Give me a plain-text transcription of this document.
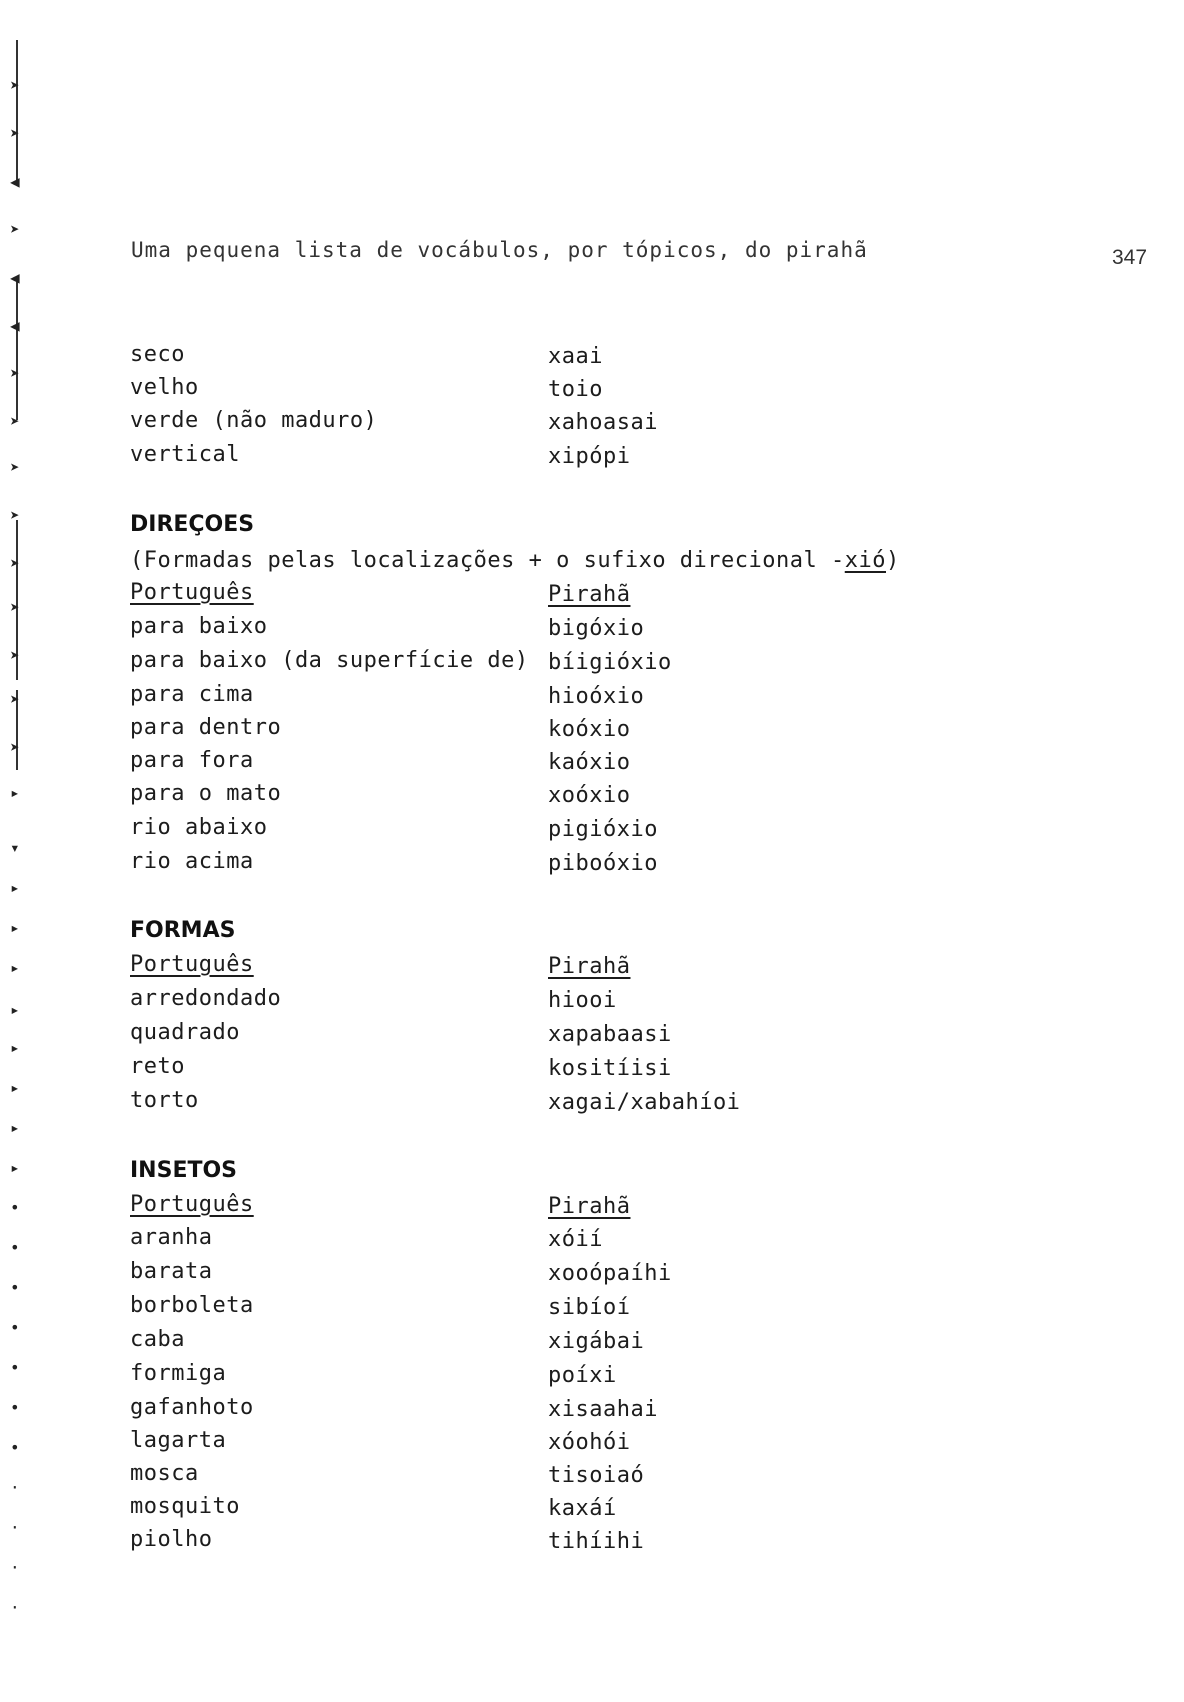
➤
➤
◀
➤
◀
◀
➤
➤
➤
➤
➤
➤
➤
➤
➤
▸
▾
▸
▸
▸
▸
▸
▸
▸
▸
•
•
•
•
•
•
•
·
·
·
·
Uma pequena lista de vocábulos, por tópicos, do pirahã	347
seco	xaai
velho	toio
verde (não maduro)	xahoasai
vertical	xipópi
DIREÇOES
(Formadas pelas localizações + o sufixo direcional -xió)
Português	Pirahã
para baixo	bigóxio
para baixo (da superfície de) bíigióxio
para cima	hioóxio
para dentro	koóxio
para fora	kaóxio
para o mato	xoóxio
rio abaixo	pigióxio
rio acima	piboóxio
FORMAS
Português	Pirahã
arredondado	hiooi
quadrado	xapabaasi
reto	kositíisi
torto	xagai/xabahíoi
INSETOS
Português	Pirahã
aranha	xóií
barata	xooópaíhi
borboleta	sibíoí
caba	xigábai
formiga	poíxi
gafanhoto	xisaahai
lagarta	xóohói
mosca	tisoiaó
mosquito	kaxáí
piolho	tihíihi
